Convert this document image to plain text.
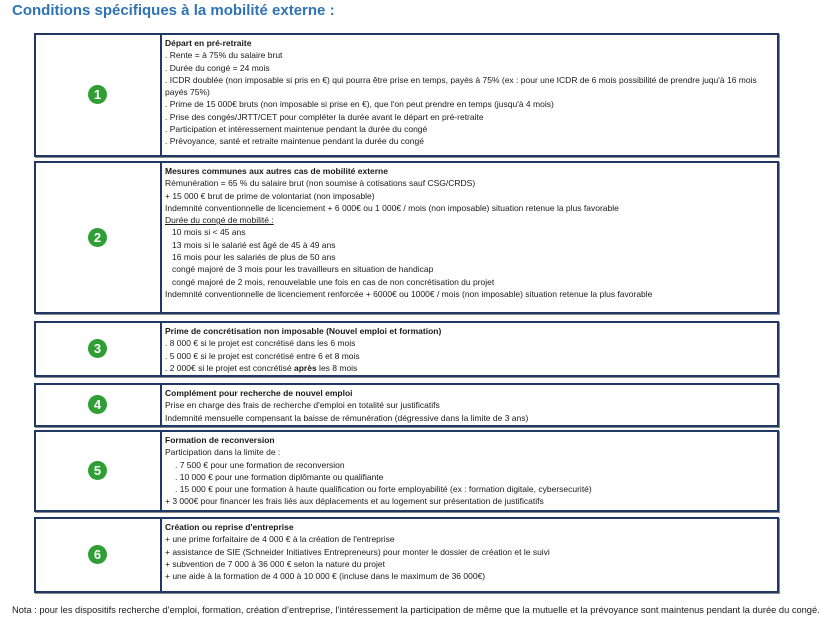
Conditions spécifiques à la mobilité externe :
1
Départ en pré-retraite
. Rente = à 75% du salaire brut
. Durée du congé = 24 mois
. ICDR doublée (non imposable si pris en €) qui pourra être prise en temps, payés à 75% (ex : pour une ICDR de 6 mois possibilité de prendre juqu'à 16 mois payés 75%)
. Prime de 15 000€ bruts (non imposable si prise en €), que l'on peut prendre en temps (jusqu'à 4 mois)
. Prise des congés/JRTT/CET pour compléter la durée avant le départ en pré-retraite
. Participation et intéressement maintenue pendant la durée du congé
. Prévoyance, santé et retraite maintenue pendant la durée du congé
2
Mesures communes aux autres cas de mobilité externe
Rémunération = 65 % du salaire brut (non soumise à cotisations sauf CSG/CRDS)
+ 15 000 € brut de prime de volontariat (non imposable)
Indemnité conventionnelle de licenciement + 6 000€ ou 1 000€ / mois (non imposable) situation retenue la plus favorable
Durée du congé de mobilité :
10 mois si < 45 ans
13 mois si le salarié est âgé de 45 à 49 ans
16 mois pour les salariés de plus de 50 ans
congé majoré de 3 mois pour les travailleurs en situation de handicap
congé majoré de 2 mois, renouvelable une fois en cas de non concrétisation du projet
Indemnité conventionnelle de licenciement renforcée + 6000€ ou 1000€ / mois (non imposable) situation retenue la plus favorable
3
Prime de concrétisation non imposable (Nouvel emploi et formation)
. 8 000 € si le projet est concrétisé dans les 6 mois
. 5 000 € si le projet est concrétisé entre 6 et 8 mois
. 2 000€ si le projet est concrétisé après les 8 mois
4
Complément pour recherche de nouvel emploi
Prise en charge des frais de recherche d'emploi en totalité sur justificatifs
Indemnité mensuelle compensant la baisse de rémunération (dégressive dans la limite de 3 ans)
5
Formation de reconversion
Participation dans la limite de :
. 7 500 € pour une formation de reconversion
. 10 000 € pour une formation diplômante ou qualifiante
. 15 000 € pour une formation à haute qualification ou forte employabilité (ex : formation digitale, cybersecurité)
+ 3 000€ pour financer les frais liés aux déplacements et au logement sur présentation de justificatifs
6
Création ou reprise d'entreprise
+ une prime forfaitaire de 4 000 € à la création de l'entreprise
+ assistance de SIE (Schneider Initiatives Entrepreneurs) pour monter le dossier de création et le suivi
+ subvention de 7 000 à 36 000 € selon la nature du projet
+ une aide à la formation de 4 000 à 10 000 € (incluse dans le maximum de 36 000€)
Nota : pour les dispositifs recherche d’emploi, formation, création d’entreprise, l’intéressement la participation de même que la mutuelle et la prévoyance sont maintenus pendant la durée du congé.
